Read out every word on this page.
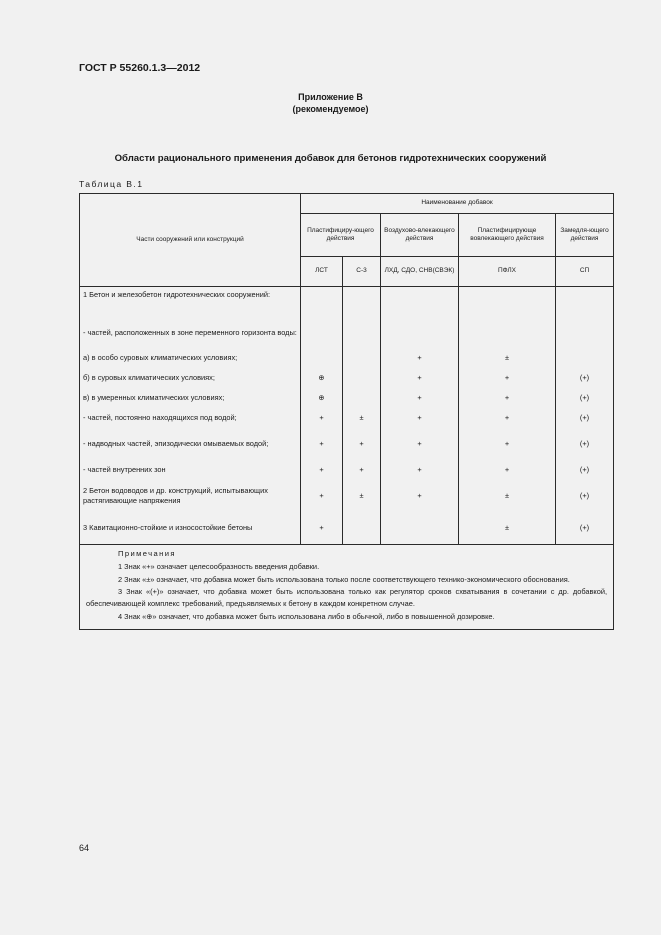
ГОСТ Р 55260.1.3—2012
Приложение В
(рекомендуемое)
Области рационального применения добавок для бетонов гидротехнических сооружений
Таблица В.1
Части сооружений или конструкций	Наименование добавок				
	Пластифициру-ющего действия		Воздухово-влекающего действия	Пластифицирующе вовлекающего действия	Замедля-ющего действия
	ЛСТ	С-3	ЛХД, СДО, СНВ(СВЭК)	ПФЛХ	СП
1 Бетон и железобетон гидротехнических сооружений:					
- частей, расположенных в зоне переменного горизонта воды:					
а) в особо суровых климатических условиях;			+	±	
б) в суровых климатических условиях;	⊕		+	+	(+)
в) в умеренных климатических условиях;	⊕		+	+	(+)
- частей, постоянно находящихся под водой;	+	±	+	+	(+)
- надводных частей, эпизодически омываемых водой;	+	+	+	+	(+)
- частей внутренних зон	+	+	+	+	(+)
2 Бетон водоводов и др. конструкций, испытывающих растягивающие напряжения	+	±	+	±	(+)
3 Кавитационно-стойкие и износостойкие бетоны	+			±	(+)

Примечания

1 Знак «+» означает целесообразность введения добавки.

2 Знак «±» означает, что добавка может быть использована только после соответствующего технико-экономического обоснования.

3 Знак «(+)» означает, что добавка может быть использована только как регулятор сроков схватывания в сочетании с др. добавкой, обеспечивающей комплекс требований, предъявляемых к бетону в каждом конкретном случае.

4 Знак «⊕» означает, что добавка может быть использована либо в обычной, либо в повышенной дозировке.					

64
